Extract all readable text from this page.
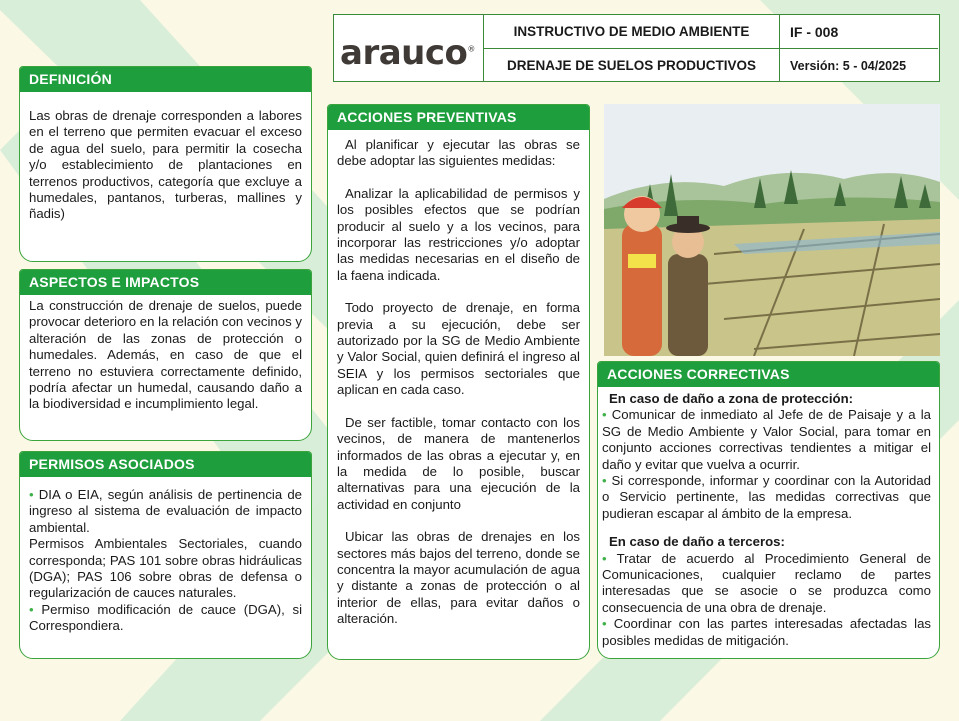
arauco®
INSTRUCTIVO DE MEDIO AMBIENTE
DRENAJE DE SUELOS PRODUCTIVOS
IF - 008
Versión: 5 - 04/2025
DEFINICIÓN

Las obras de drenaje corresponden a labores en el terreno que permiten evacuar el exceso de agua del suelo, para permitir la cosecha y/o establecimiento de plantaciones en terrenos productivos, categoría que excluye a humedales, pantanos, turberas, mallines y ñadis)

ASPECTOS E IMPACTOS

La construcción de drenaje de suelos, puede provocar deterioro en la relación con vecinos y alteración de las zonas de protección o humedales. Además, en caso de que el terreno no estuviera correctamente definido, podría afectar un humedal, causando daño a la biodiversidad e incumplimiento legal.

PERMISOS ASOCIADOS

• DIA o EIA, según análisis de pertinencia de ingreso al sistema de evaluación de impacto ambiental.

Permisos Ambientales Sectoriales, cuando corresponda; PAS 101 sobre obras hidráulicas (DGA); PAS 106 sobre obras de defensa o regularización de cauces naturales.

• Permiso modificación de cauce (DGA), si Correspondiera.

ACCIONES PREVENTIVAS

Al planificar y ejecutar las obras se debe adoptar las siguientes medidas:

Analizar la aplicabilidad de permisos y los posibles efectos que se podrían producir al suelo y a los vecinos, para incorporar las restricciones y/o adoptar las medidas necesarias en el diseño de la faena indicada.

Todo proyecto de drenaje, en forma previa a su ejecución, debe ser autorizado por la SG de Medio Ambiente y Valor Social, quien definirá el ingreso al SEIA y los permisos sectoriales que aplican en cada caso.

De ser factible, tomar contacto con los vecinos, de manera de mantenerlos informados de las obras a ejecutar y, en la medida de lo posible, buscar alternativas para una ejecución de la actividad en conjunto

Ubicar las obras de drenajes en los sectores más bajos del terreno, donde se concentra la mayor acumulación de agua y distante a zonas de protección o al interior de ellas, para evitar daños o alteración.

ACCIONES CORRECTIVAS

En caso de daño a zona de protección:

• Comunicar de inmediato al Jefe de de Paisaje y a la SG de Medio Ambiente y Valor Social, para tomar en conjunto acciones correctivas tendientes a mitigar el daño y evitar que vuelva a ocurrir.

• Si corresponde, informar y coordinar con la Autoridad o Servicio pertinente, las medidas correctivas que pudieran escapar al ámbito de la empresa.

En caso de daño a terceros:

• Tratar de acuerdo al Procedimiento General de Comunicaciones, cualquier reclamo de partes interesadas que se asocie o se produzca como consecuencia de una obra de drenaje.

• Coordinar con las partes interesadas afectadas las posibles medidas de mitigación.
